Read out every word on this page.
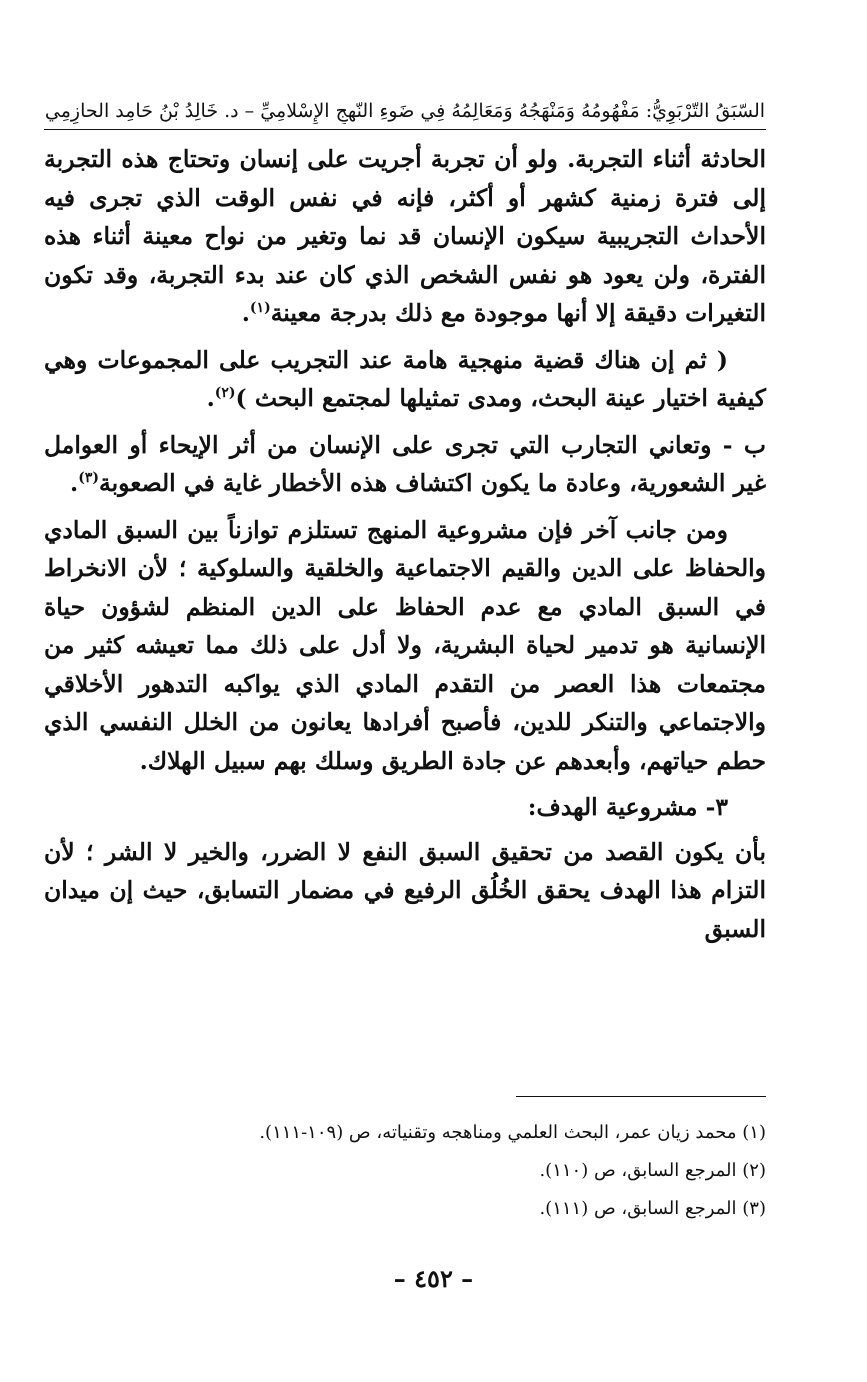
السّبَقُ التّرْبَوِيُّ: مَفْهُومُهُ وَمَنْهَجُهُ وَمَعَالِمُهُ فِي ضَوءِ النّهجِ الإِسْلامِيِّ – د. خَالِدُ بْنُ حَامِد الحازِمِي

الحادثة أثناء التجربة. ولو أن تجربة أجريت على إنسان وتحتاج هذه التجربة إلى فترة زمنية كشهر أو أكثر، فإنه في نفس الوقت الذي تجرى فيه الأحداث التجريبية سيكون الإنسان قد نما وتغير من نواح معينة أثناء هذه الفترة، ولن يعود هو نفس الشخص الذي كان عند بدء التجربة، وقد تكون التغيرات دقيقة إلا أنها موجودة مع ذلك بدرجة معينة$^{(١)}$.

( ثم إن هناك قضية منهجية هامة عند التجريب على المجموعات وهي كيفية اختيار عينة البحث، ومدى تمثيلها لمجتمع البحث )$^{(٢)}$.

ب - وتعاني التجارب التي تجرى على الإنسان من أثر الإيحاء أو العوامل غير الشعورية، وعادة ما يكون اكتشاف هذه الأخطار غاية في الصعوبة$^{(٣)}$.

ومن جانب آخر فإن مشروعية المنهج تستلزم توازناً بين السبق المادي والحفاظ على الدين والقيم الاجتماعية والخلقية والسلوكية ؛ لأن الانخراط في السبق المادي مع عدم الحفاظ على الدين المنظم لشؤون حياة الإنسانية هو تدمير لحياة البشرية، ولا أدل على ذلك مما تعيشه كثير من مجتمعات هذا العصر من التقدم المادي الذي يواكبه التدهور الأخلاقي والاجتماعي والتنكر للدين، فأصبح أفرادها يعانون من الخلل النفسي الذي حطم حياتهم، وأبعدهم عن جادة الطريق وسلك بهم سبيل الهلاك.

٣- مشروعية الهدف:

بأن يكون القصد من تحقيق السبق النفع لا الضرر، والخير لا الشر ؛ لأن التزام هذا الهدف يحقق الخُلُق الرفيع في مضمار التسابق، حيث إن ميدان السبق

(١) محمد زيان عمر، البحث العلمي ومناهجه وتقنياته، ص (١٠٩-١١١).

(٢) المرجع السابق، ص (١١٠).

(٣) المرجع السابق، ص (١١١).

– ٤٥٢ –
